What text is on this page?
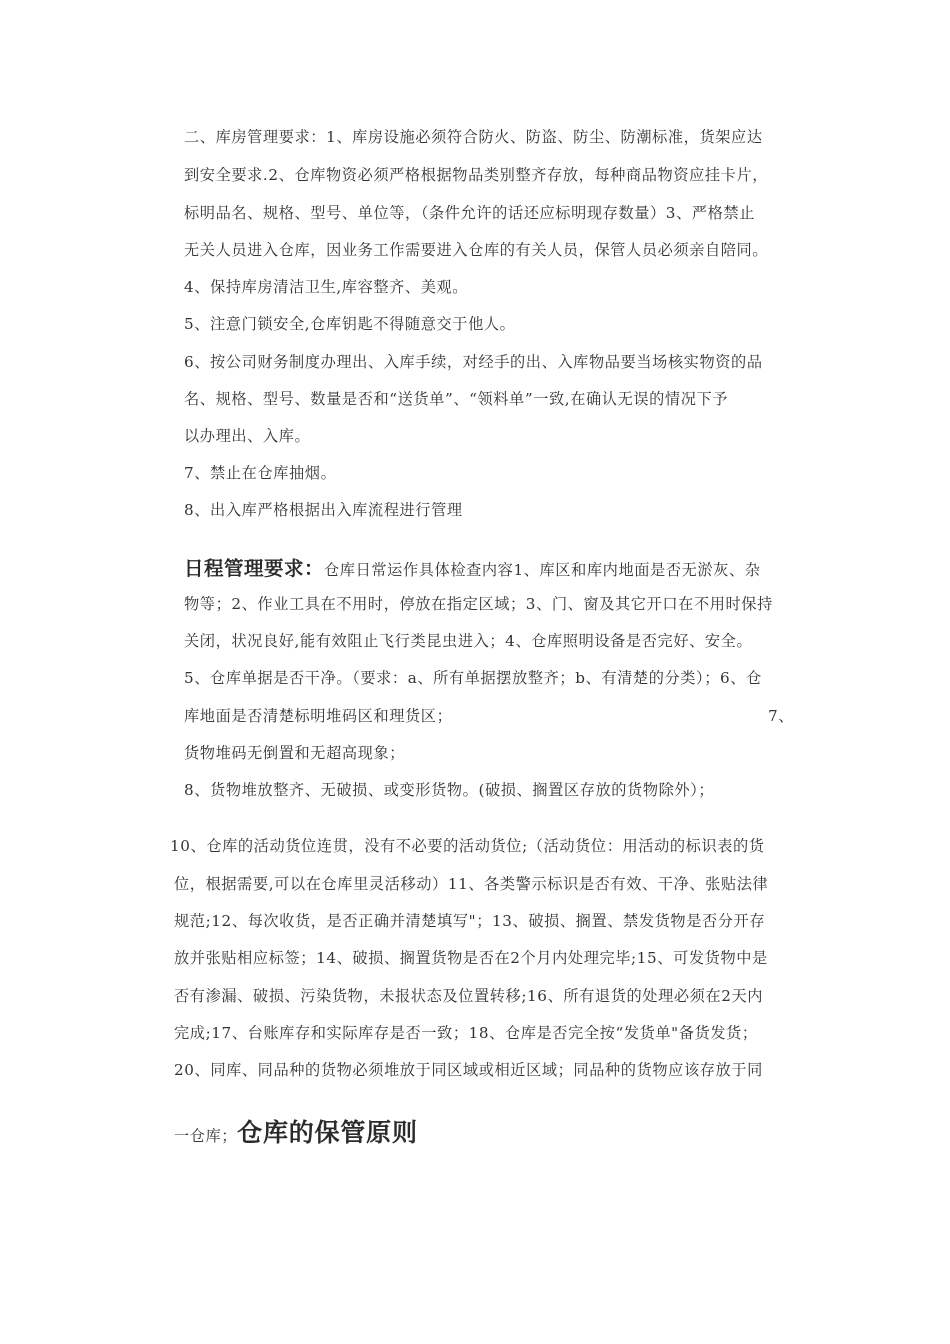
二、库房管理要求：1、库房设施必须符合防火、防盗、防尘、防潮标准，货架应达
到安全要求.2、仓库物资必须严格根据物品类别整齐存放，每种商品物资应挂卡片，
标明品名、规格、型号、单位等，（条件允许的话还应标明现存数量）3、严格禁止
无关人员进入仓库，因业务工作需要进入仓库的有关人员，保管人员必须亲自陪同。
4、保持库房清洁卫生,库容整齐、美观。
5、注意门锁安全,仓库钥匙不得随意交于他人。
6、按公司财务制度办理出、入库手续，对经手的出、入库物品要当场核实物资的品
名、规格、型号、数量是否和“送货单”、“领料单”一致,在确认无误的情况下予
以办理出、入库。
7、禁止在仓库抽烟。
8、出入库严格根据出入库流程进行管理
日程管理要求：仓库日常运作具体检查内容1、库区和库内地面是否无淤灰、杂
物等；2、作业工具在不用时，停放在指定区域；3、门、窗及其它开口在不用时保持
关闭，状况良好,能有效阻止飞行类昆虫进入；4、仓库照明设备是否完好、安全。
5、仓库单据是否干净。（要求：a、所有单据摆放整齐；b、有清楚的分类）；6、仓
库地面是否清楚标明堆码区和理货区；	7、
货物堆码无倒置和无超高现象；
8、货物堆放整齐、无破损、或变形货物。(破损、搁置区存放的货物除外）；
10、仓库的活动货位连贯，没有不必要的活动货位;（活动货位：用活动的标识表的货
位，根据需要,可以在仓库里灵活移动）11、各类警示标识是否有效、干净、张贴法律
规范;12、每次收货，是否正确并清楚填写"；13、破损、搁置、禁发货物是否分开存
放并张贴相应标签；14、破损、搁置货物是否在2个月内处理完毕;15、可发货物中是
否有渗漏、破损、污染货物，未报状态及位置转移;16、所有退货的处理必须在2天内
完成;17、台账库存和实际库存是否一致；18、仓库是否完全按“发货单"备货发货；
20、同库、同品种的货物必须堆放于同区域或相近区域；同品种的货物应该存放于同
一仓库；仓库的保管原则
